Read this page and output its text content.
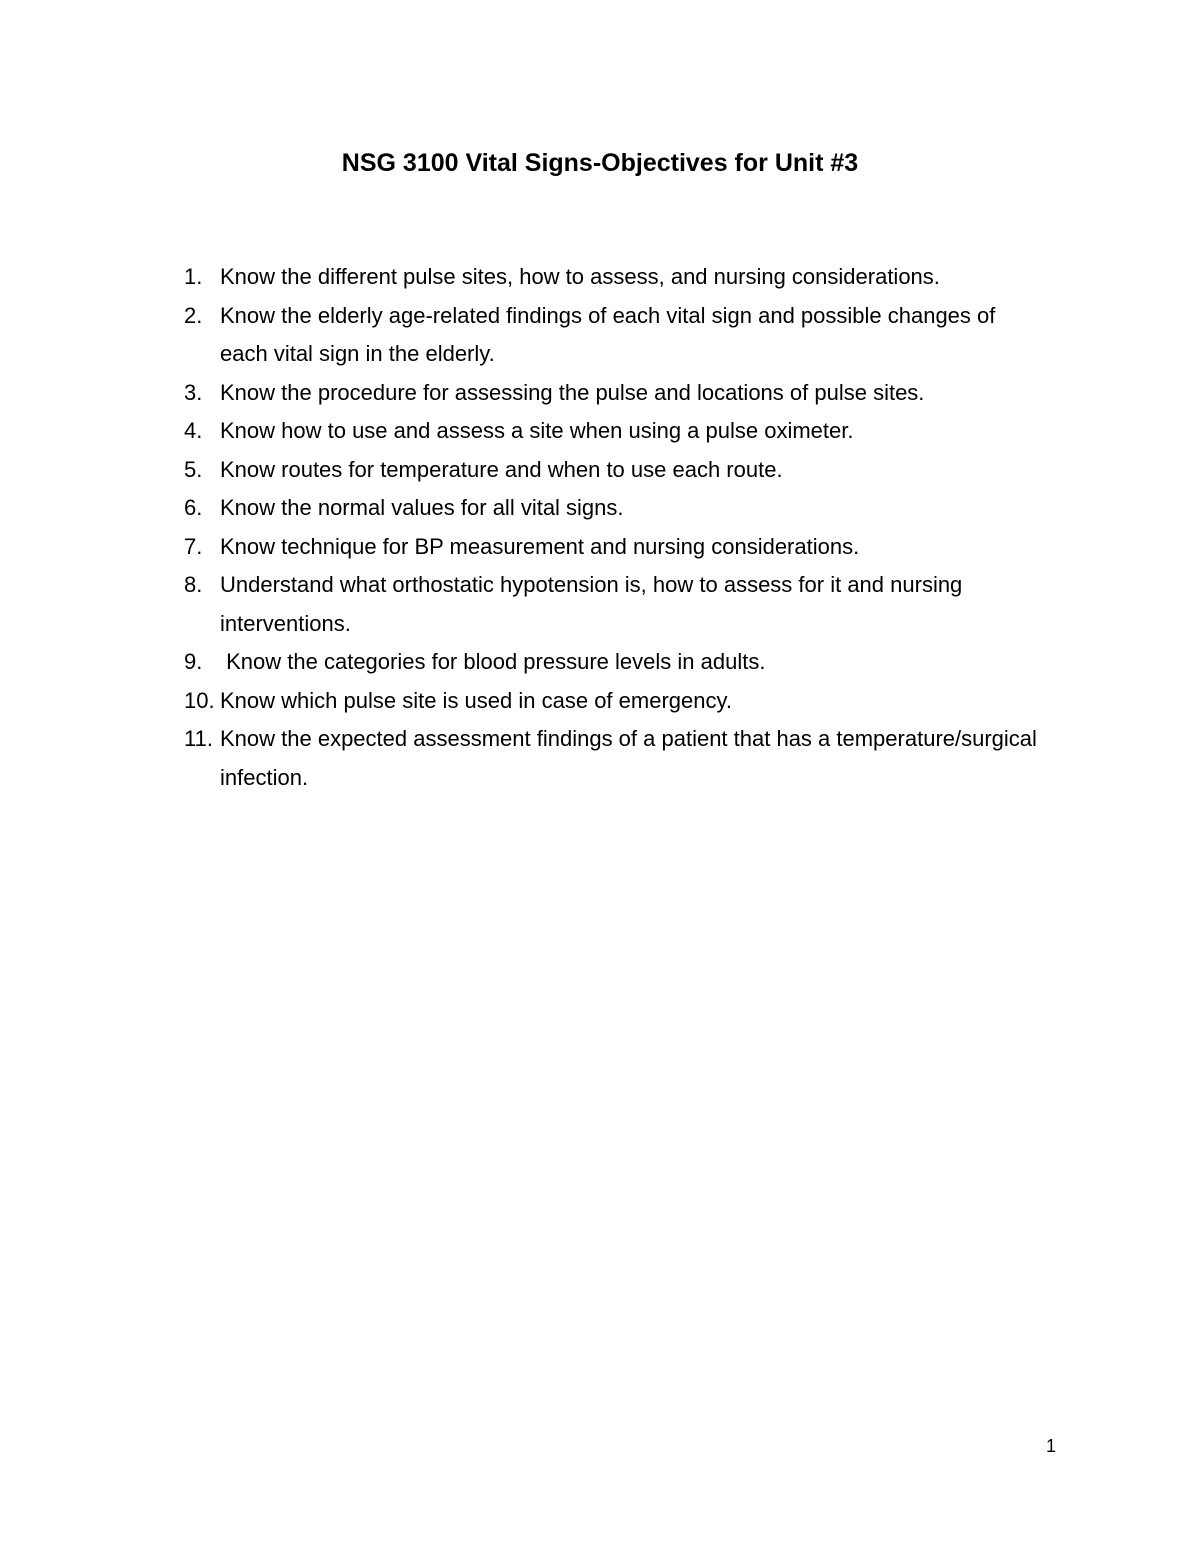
NSG 3100 Vital Signs-Objectives for Unit #3
1. Know the different pulse sites, how to assess, and nursing considerations.
2. Know the elderly age-related findings of each vital sign and possible changes of each vital sign in the elderly.
3. Know the procedure for assessing the pulse and locations of pulse sites.
4. Know how to use and assess a site when using a pulse oximeter.
5. Know routes for temperature and when to use each route.
6. Know the normal values for all vital signs.
7. Know technique for BP measurement and nursing considerations.
8. Understand what orthostatic hypotension is, how to assess for it and nursing interventions.
9. Know the categories for blood pressure levels in adults.
10. Know which pulse site is used in case of emergency.
11. Know the expected assessment findings of a patient that has a temperature/surgical infection.
1
